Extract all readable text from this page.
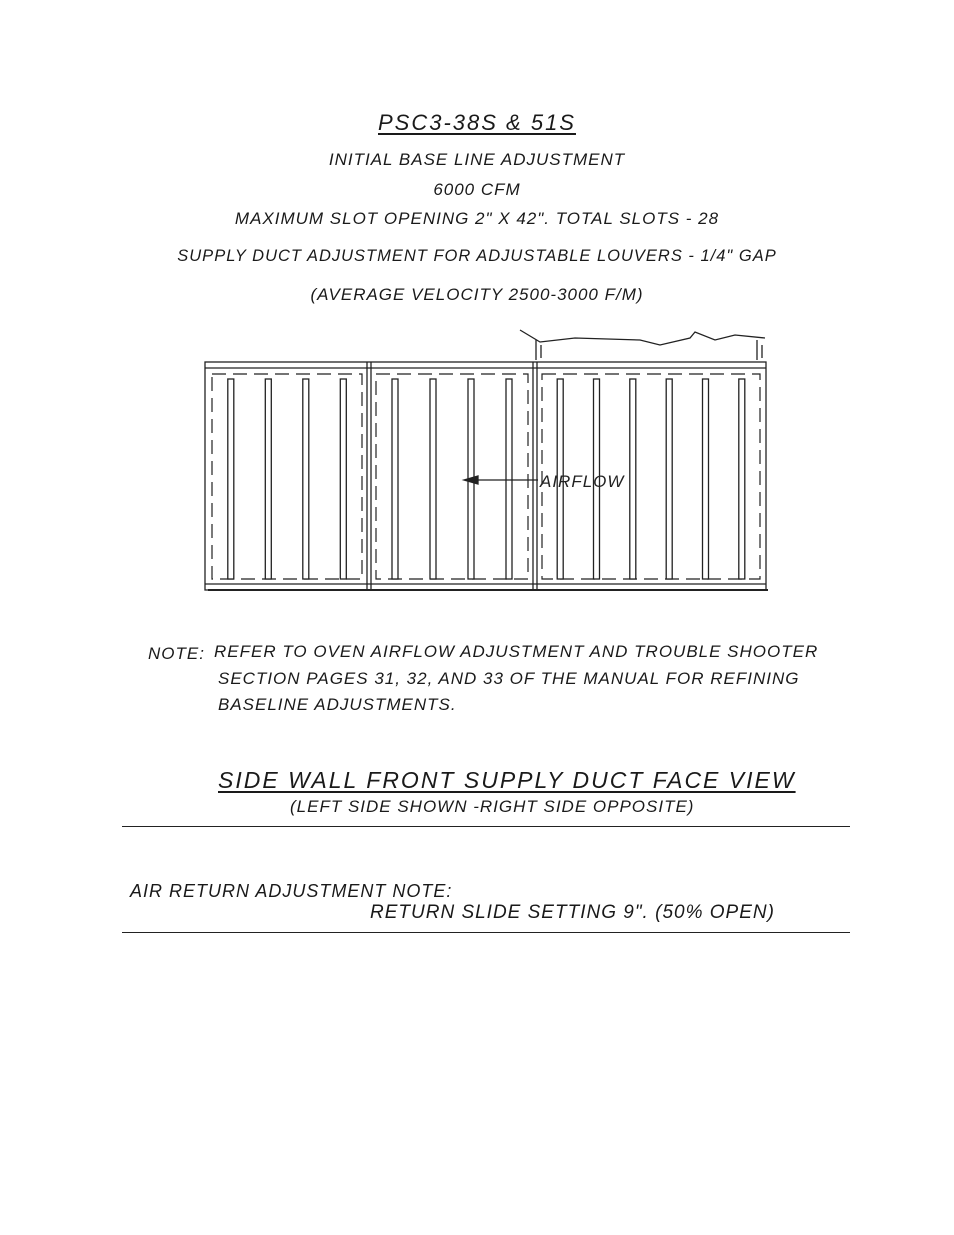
PSC3-38S & 51S
INITIAL BASE LINE ADJUSTMENT
6000 CFM
MAXIMUM SLOT OPENING 2" X 42". TOTAL SLOTS - 28
SUPPLY DUCT ADJUSTMENT FOR ADJUSTABLE LOUVERS - 1/4" GAP
(AVERAGE VELOCITY 2500-3000 F/M)
AIRFLOW
NOTE: REFER TO OVEN AIRFLOW ADJUSTMENT AND TROUBLE SHOOTER
SECTION PAGES 31, 32, AND 33 OF THE MANUAL FOR REFINING
BASELINE ADJUSTMENTS.
SIDE WALL FRONT SUPPLY DUCT FACE VIEW
(LEFT SIDE SHOWN -RIGHT SIDE OPPOSITE)
AIR RETURN ADJUSTMENT NOTE:
RETURN SLIDE SETTING 9". (50% OPEN)
